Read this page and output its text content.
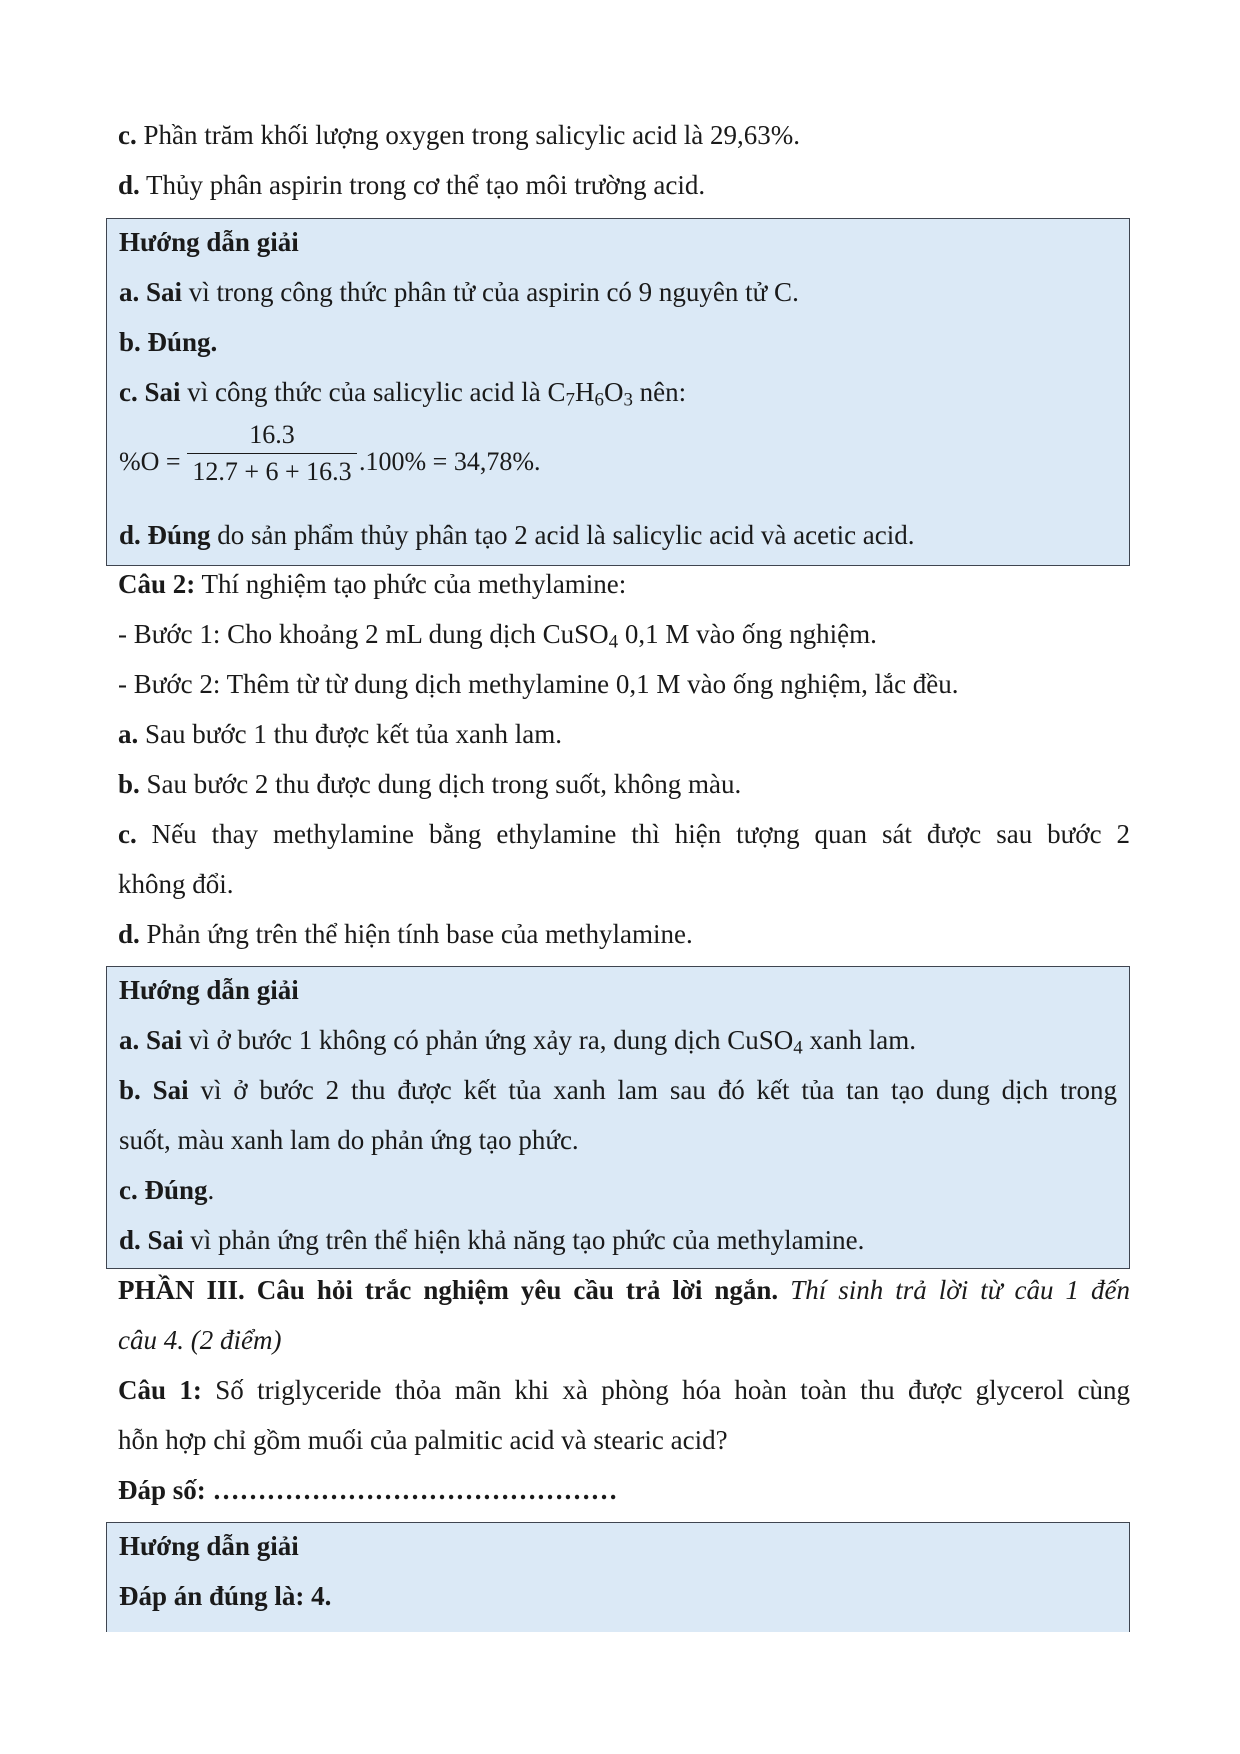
c. Phần trăm khối lượng oxygen trong salicylic acid là 29,63%.
d. Thủy phân aspirin trong cơ thể tạo môi trường acid.
Hướng dẫn giải
a. Sai vì trong công thức phân tử của aspirin có 9 nguyên tử C.
b. Đúng.
c. Sai vì công thức của salicylic acid là $C_7H_6O_3$ nên:
%O =
16.3
12.7 + 6 + 16.3 .100% = 34,78%.
d. Đúng do sản phẩm thủy phân tạo 2 acid là salicylic acid và acetic acid.
Câu 2: Thí nghiệm tạo phức của methylamine:
- Bước 1: Cho khoảng 2 mL dung dịch CuSO$_4$ 0,1 M vào ống nghiệm.
- Bước 2: Thêm từ từ dung dịch methylamine 0,1 M vào ống nghiệm, lắc đều.
a. Sau bước 1 thu được kết tủa xanh lam.
b. Sau bước 2 thu được dung dịch trong suốt, không màu.
c. Nếu thay methylamine bằng ethylamine thì hiện tượng quan sát được sau bước 2
không đổi.
d. Phản ứng trên thể hiện tính base của methylamine.
Hướng dẫn giải
a. Sai vì ở bước 1 không có phản ứng xảy ra, dung dịch CuSO$_4$ xanh lam.
b. Sai vì ở bước 2 thu được kết tủa xanh lam sau đó kết tủa tan tạo dung dịch trong
suốt, màu xanh lam do phản ứng tạo phức.
c. Đúng.
d. Sai vì phản ứng trên thể hiện khả năng tạo phức của methylamine.
PHẦN III. Câu hỏi trắc nghiệm yêu cầu trả lời ngắn. Thí sinh trả lời từ câu 1 đến
câu 4. (2 điểm)
Câu 1: Số triglyceride thỏa mãn khi xà phòng hóa hoàn toàn thu được glycerol cùng
hỗn hợp chỉ gồm muối của palmitic acid và stearic acid?
Đáp số: ………………………………………
Hướng dẫn giải
Đáp án đúng là: 4.
